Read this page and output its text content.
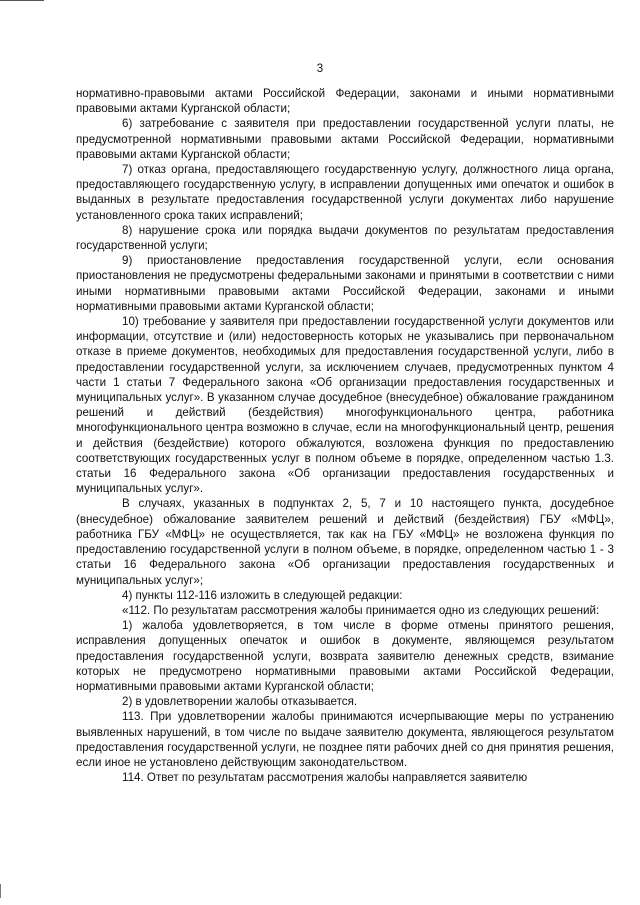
3

нормативно-правовыми актами Российской Федерации, законами и иными нормативными правовыми актами Курганской области;

6) затребование с заявителя при предоставлении государственной услуги платы, не предусмотренной нормативными правовыми актами Российской Федерации, нормативными правовыми актами Курганской области;

7) отказ органа, предоставляющего государственную услугу, должностного лица органа, предоставляющего государственную услугу, в исправлении допущенных ими опечаток и ошибок в выданных в результате предоставления государственной услуги документах либо нарушение установленного срока таких исправлений;

8) нарушение срока или порядка выдачи документов по результатам предоставления государственной услуги;

9) приостановление предоставления государственной услуги, если основания приостановления не предусмотрены федеральными законами и принятыми в соответствии с ними иными нормативными правовыми актами Российской Федерации, законами и иными нормативными правовыми актами Курганской области;

10) требование у заявителя при предоставлении государственной услуги документов или информации, отсутствие и (или) недостоверность которых не указывались при первоначальном отказе в приеме документов, необходимых для предоставления государственной услуги, либо в предоставлении государственной услуги, за исключением случаев, предусмотренных пунктом 4 части 1 статьи 7 Федерального закона «Об организации предоставления государственных и муниципальных услуг». В указанном случае досудебное (внесудебное) обжалование гражданином решений и действий (бездействия) многофункционального центра, работника многофункционального центра возможно в случае, если на многофункциональный центр, решения и действия (бездействие) которого обжалуются, возложена функция по предоставлению соответствующих государственных услуг в полном объеме в порядке, определенном частью 1.3. статьи 16 Федерального закона «Об организации предоставления государственных и муниципальных услуг».

В случаях, указанных в подпунктах 2, 5, 7 и 10 настоящего пункта, досудебное (внесудебное) обжалование заявителем решений и действий (бездействия) ГБУ «МФЦ», работника ГБУ «МФЦ» не осуществляется, так как на ГБУ «МФЦ» не возложена функция по предоставлению государственной услуги в полном объеме, в порядке, определенном частью 1 - 3 статьи 16 Федерального закона «Об организации предоставления государственных и муниципальных услуг»;

4) пункты 112-116 изложить в следующей редакции:

«112. По результатам рассмотрения жалобы принимается одно из следующих решений:

1) жалоба удовлетворяется, в том числе в форме отмены принятого решения, исправления допущенных опечаток и ошибок в документе, являющемся результатом предоставления государственной услуги, возврата заявителю денежных средств, взимание которых не предусмотрено нормативными правовыми актами Российской Федерации, нормативными правовыми актами Курганской области;

2) в удовлетворении жалобы отказывается.

113. При удовлетворении жалобы принимаются исчерпывающие меры по устранению выявленных нарушений, в том числе по выдаче заявителю документа, являющегося результатом предоставления государственной услуги, не позднее пяти рабочих дней со дня принятия решения, если иное не установлено действующим законодательством.

114. Ответ по результатам рассмотрения жалобы направляется заявителю
